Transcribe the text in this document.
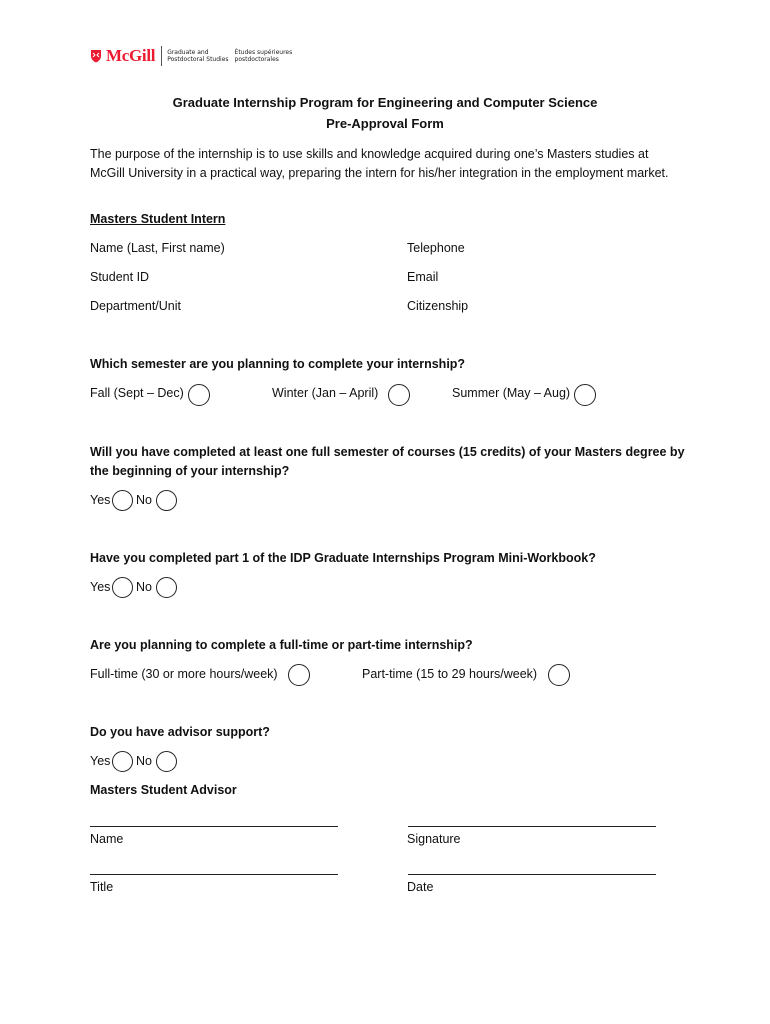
McGill Graduate and
Postdoctoral Studies
Études supérieures
postdoctorales
Graduate Internship Program for Engineering and Computer Science
Pre-Approval Form
The purpose of the internship is to use skills and knowledge acquired during one’s Masters studies at McGill University in a practical way, preparing the intern for his/her integration in the employment market.
Masters Student Intern
Name (Last, First name)	Telephone
Student ID	Email
Department/Unit	Citizenship
Which semester are you planning to complete your internship?
Fall (Sept – Dec)	Winter (Jan – April)	Summer (May – Aug)
Will you have completed at least one full semester of courses (15 credits) of your Masters degree by
the beginning of your internship?
Yes No
Have you completed part 1 of the IDP Graduate Internships Program Mini-Workbook?
Yes No
Are you planning to complete a full-time or part-time internship?
Full-time (30 or more hours/week)	Part-time (15 to 29 hours/week)
Do you have advisor support?
Yes No
Masters Student Advisor
Name	Signature
Title	Date
